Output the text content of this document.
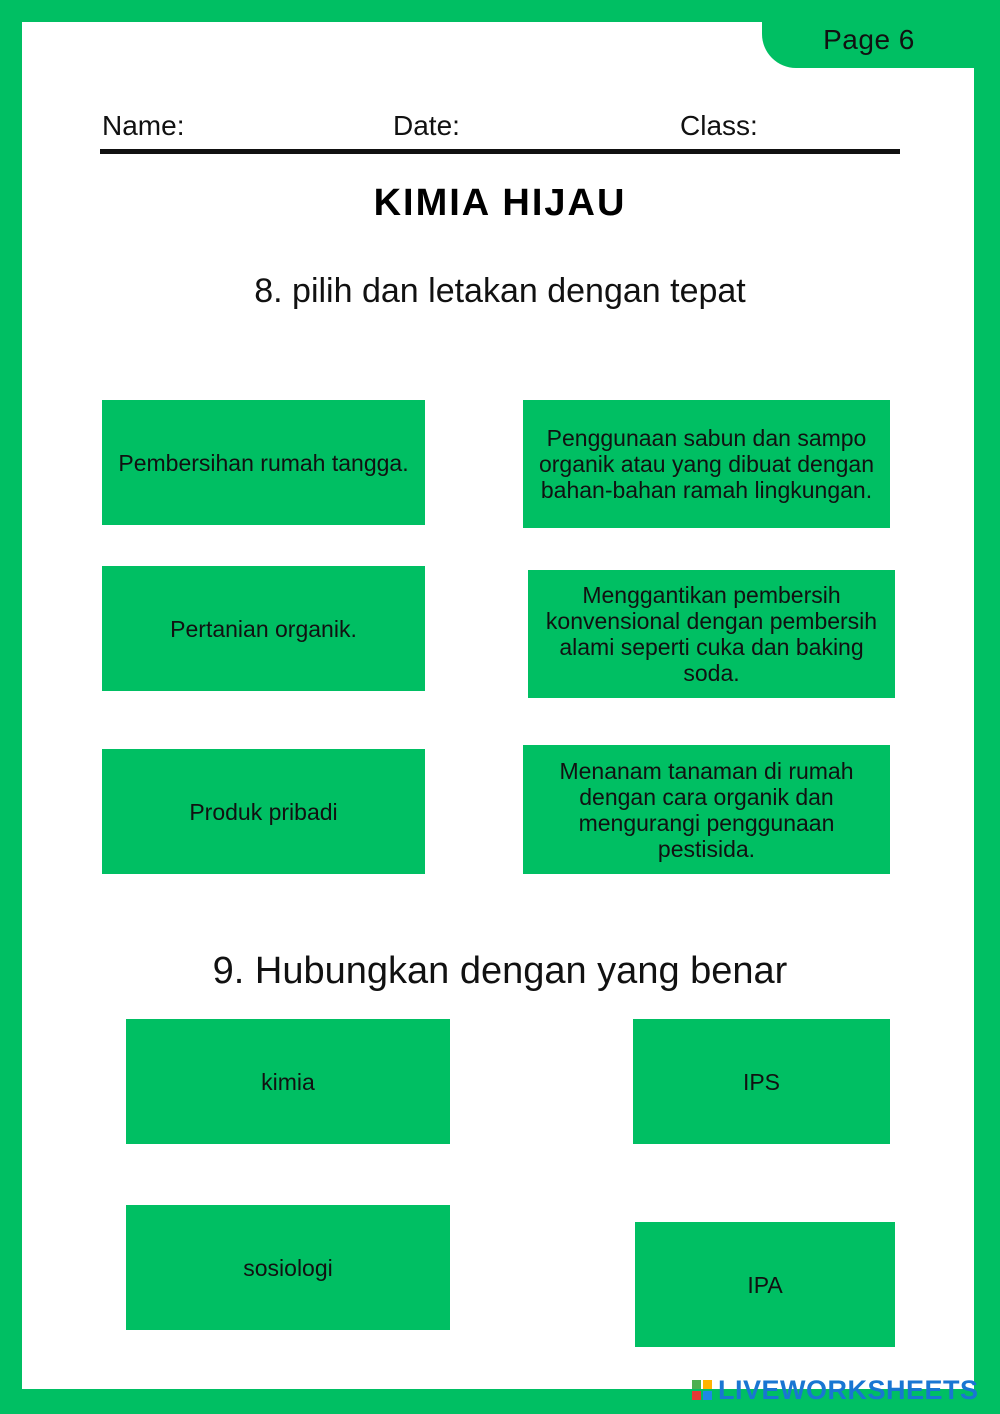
Page 6
Name:	Date:	Class:
KIMIA HIJAU
8. pilih dan letakan dengan tepat
Pembersihan rumah tangga.
Pertanian organik.
Produk pribadi
Penggunaan sabun dan sampo organik atau yang dibuat dengan bahan-bahan ramah lingkungan.
Menggantikan pembersih konvensional dengan pembersih alami seperti cuka dan baking soda.
Menanam tanaman di rumah dengan cara organik dan mengurangi penggunaan pestisida.
9. Hubungkan dengan yang benar
kimia
sosiologi
IPS
IPA
LIVEWORKSHEETS
